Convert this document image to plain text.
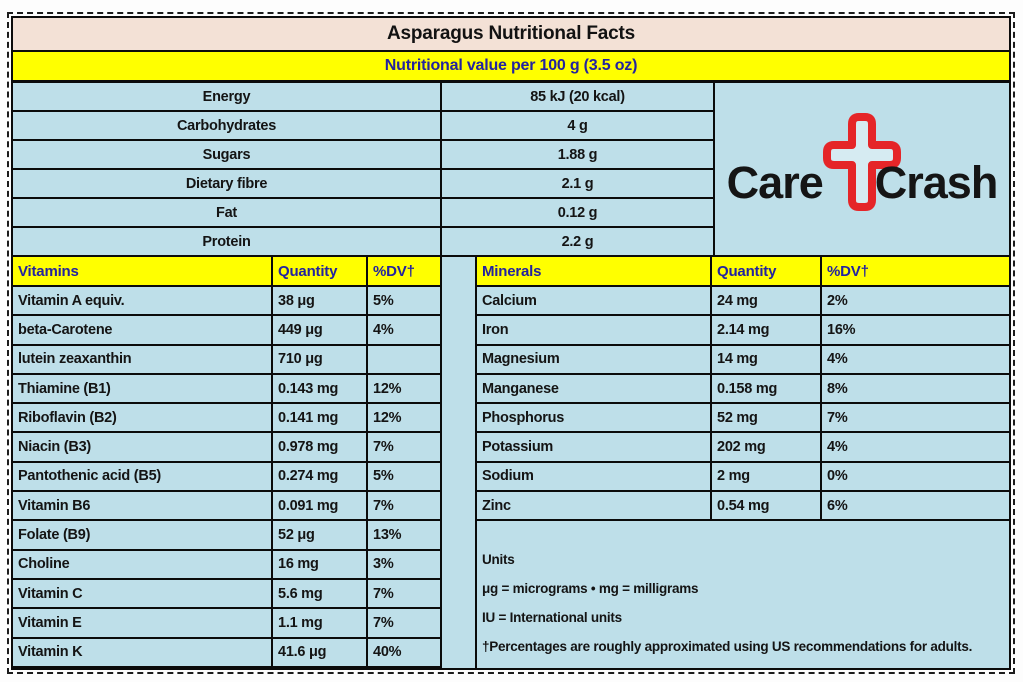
Asparagus Nutritional Facts
Nutritional value per 100 g (3.5 oz)
Care Crash
Energy	85 kJ (20 kcal)
Carbohydrates	4 g
Sugars	1.88 g
Dietary fibre	2.1 g
Fat	0.12 g
Protein	2.2 g
Vitamins	Quantity	%DV†
Vitamin A equiv.	38 μg	5%
beta-Carotene	449 μg	4%
lutein zeaxanthin	710 μg
Thiamine (B1)	0.143 mg	12%
Riboflavin (B2)	0.141 mg	12%
Niacin (B3)	0.978 mg	7%
Pantothenic acid (B5)	0.274 mg	5%
Vitamin B6	0.091 mg	7%
Folate (B9)	52 μg	13%
Choline	16 mg	3%
Vitamin C	5.6 mg	7%
Vitamin E	1.1 mg	7%
Vitamin K	41.6 μg	40%
Minerals	Quantity	%DV†
Calcium	24 mg	2%
Iron	2.14 mg	16%
Magnesium	14 mg	4%
Manganese	0.158 mg	8%
Phosphorus	52 mg	7%
Potassium	202 mg	4%
Sodium	2 mg	0%
Zinc	0.54 mg	6%
Units
μg = micrograms • mg = milligrams
IU = International units
†Percentages are roughly approximated using US recommendations for adults.
